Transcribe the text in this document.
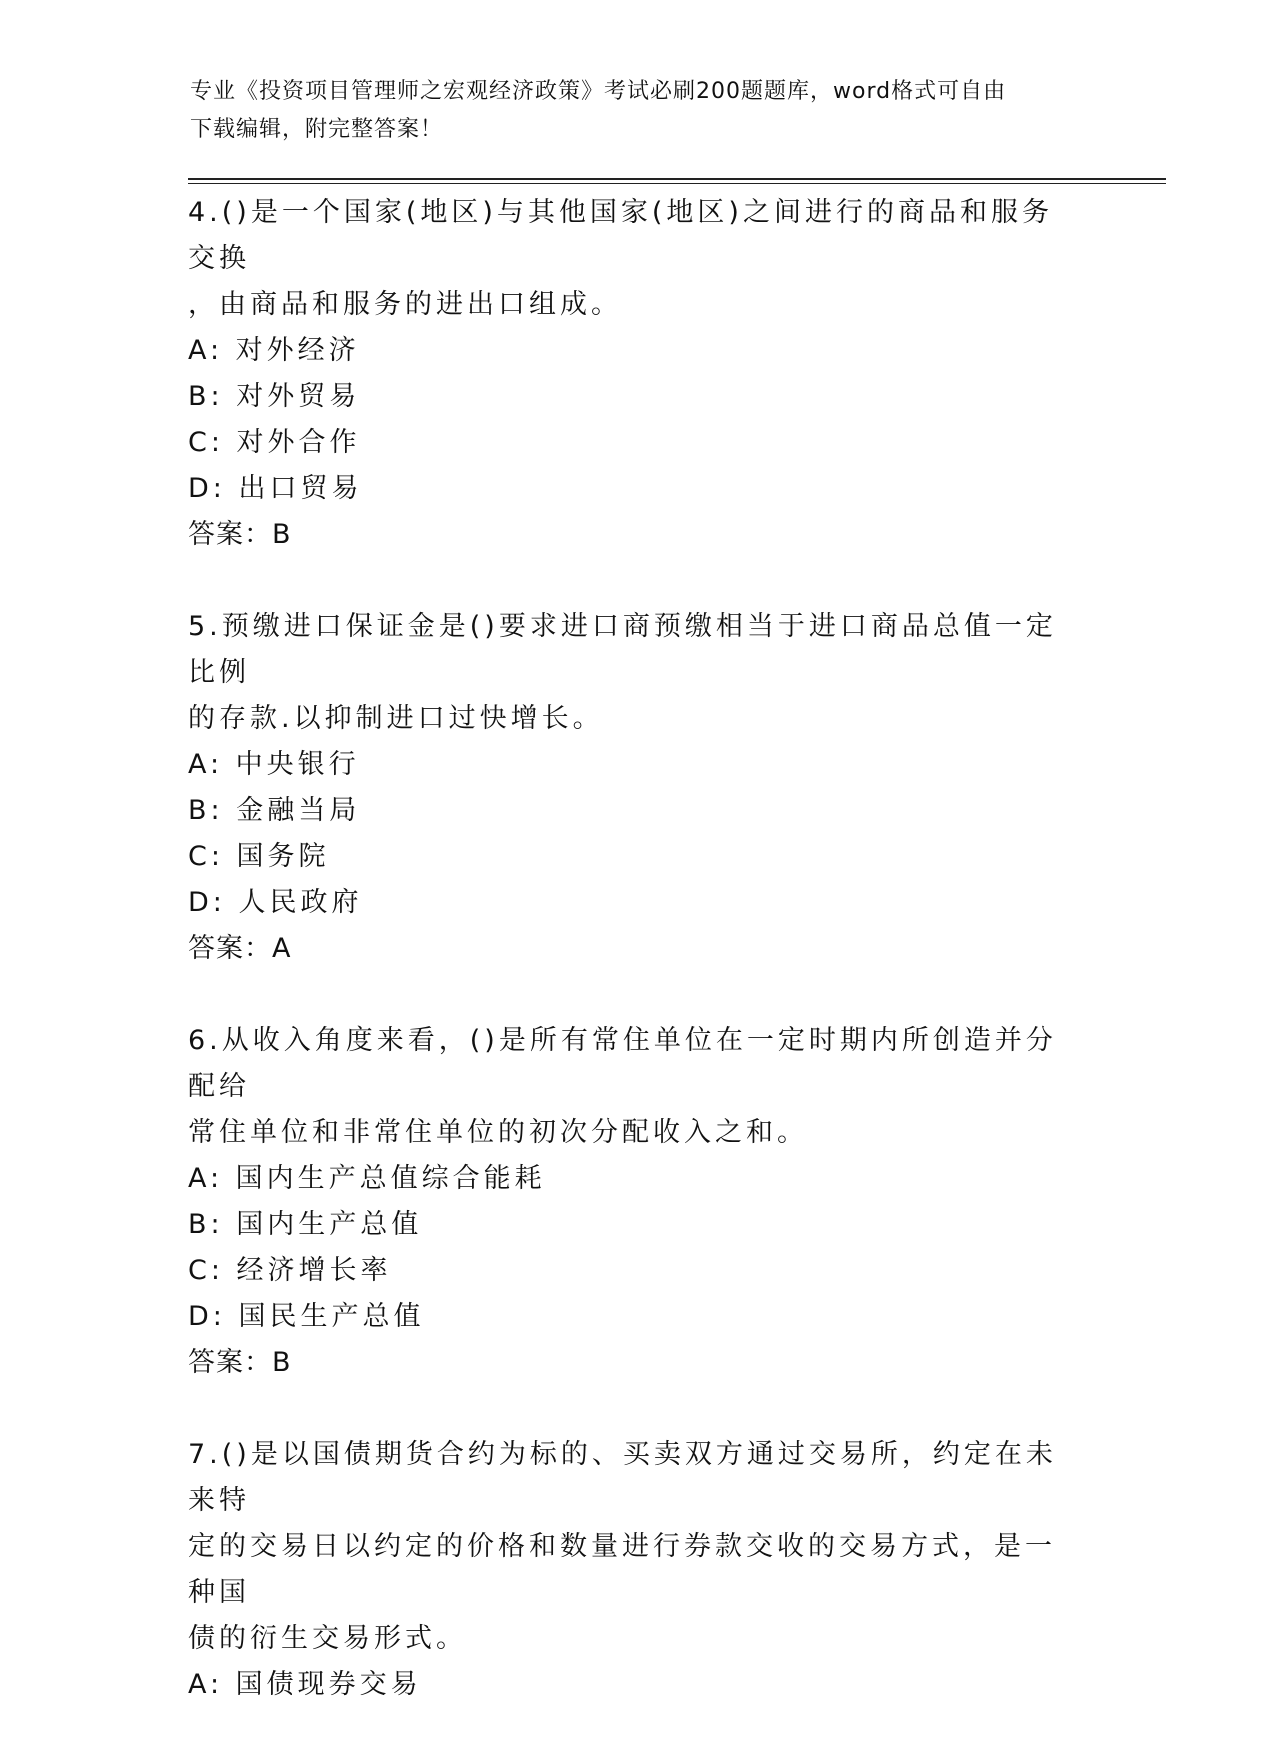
专业《投资项目管理师之宏观经济政策》考试必刷200题题库，word格式可自由
下载编辑，附完整答案！
4.()是一个国家(地区)与其他国家(地区)之间进行的商品和服务交换
，由商品和服务的进出口组成。
A: 对外经济
B: 对外贸易
C: 对外合作
D: 出口贸易
答案：B
5.预缴进口保证金是()要求进口商预缴相当于进口商品总值一定比例
的存款.以抑制进口过快增长。
A: 中央银行
B: 金融当局
C: 国务院
D: 人民政府
答案：A
6.从收入角度来看，()是所有常住单位在一定时期内所创造并分配给
常住单位和非常住单位的初次分配收入之和。
A: 国内生产总值综合能耗
B: 国内生产总值
C: 经济增长率
D: 国民生产总值
答案：B
7.()是以国债期货合约为标的、买卖双方通过交易所，约定在未来特
定的交易日以约定的价格和数量进行券款交收的交易方式，是一种国
债的衍生交易形式。
A: 国债现券交易
